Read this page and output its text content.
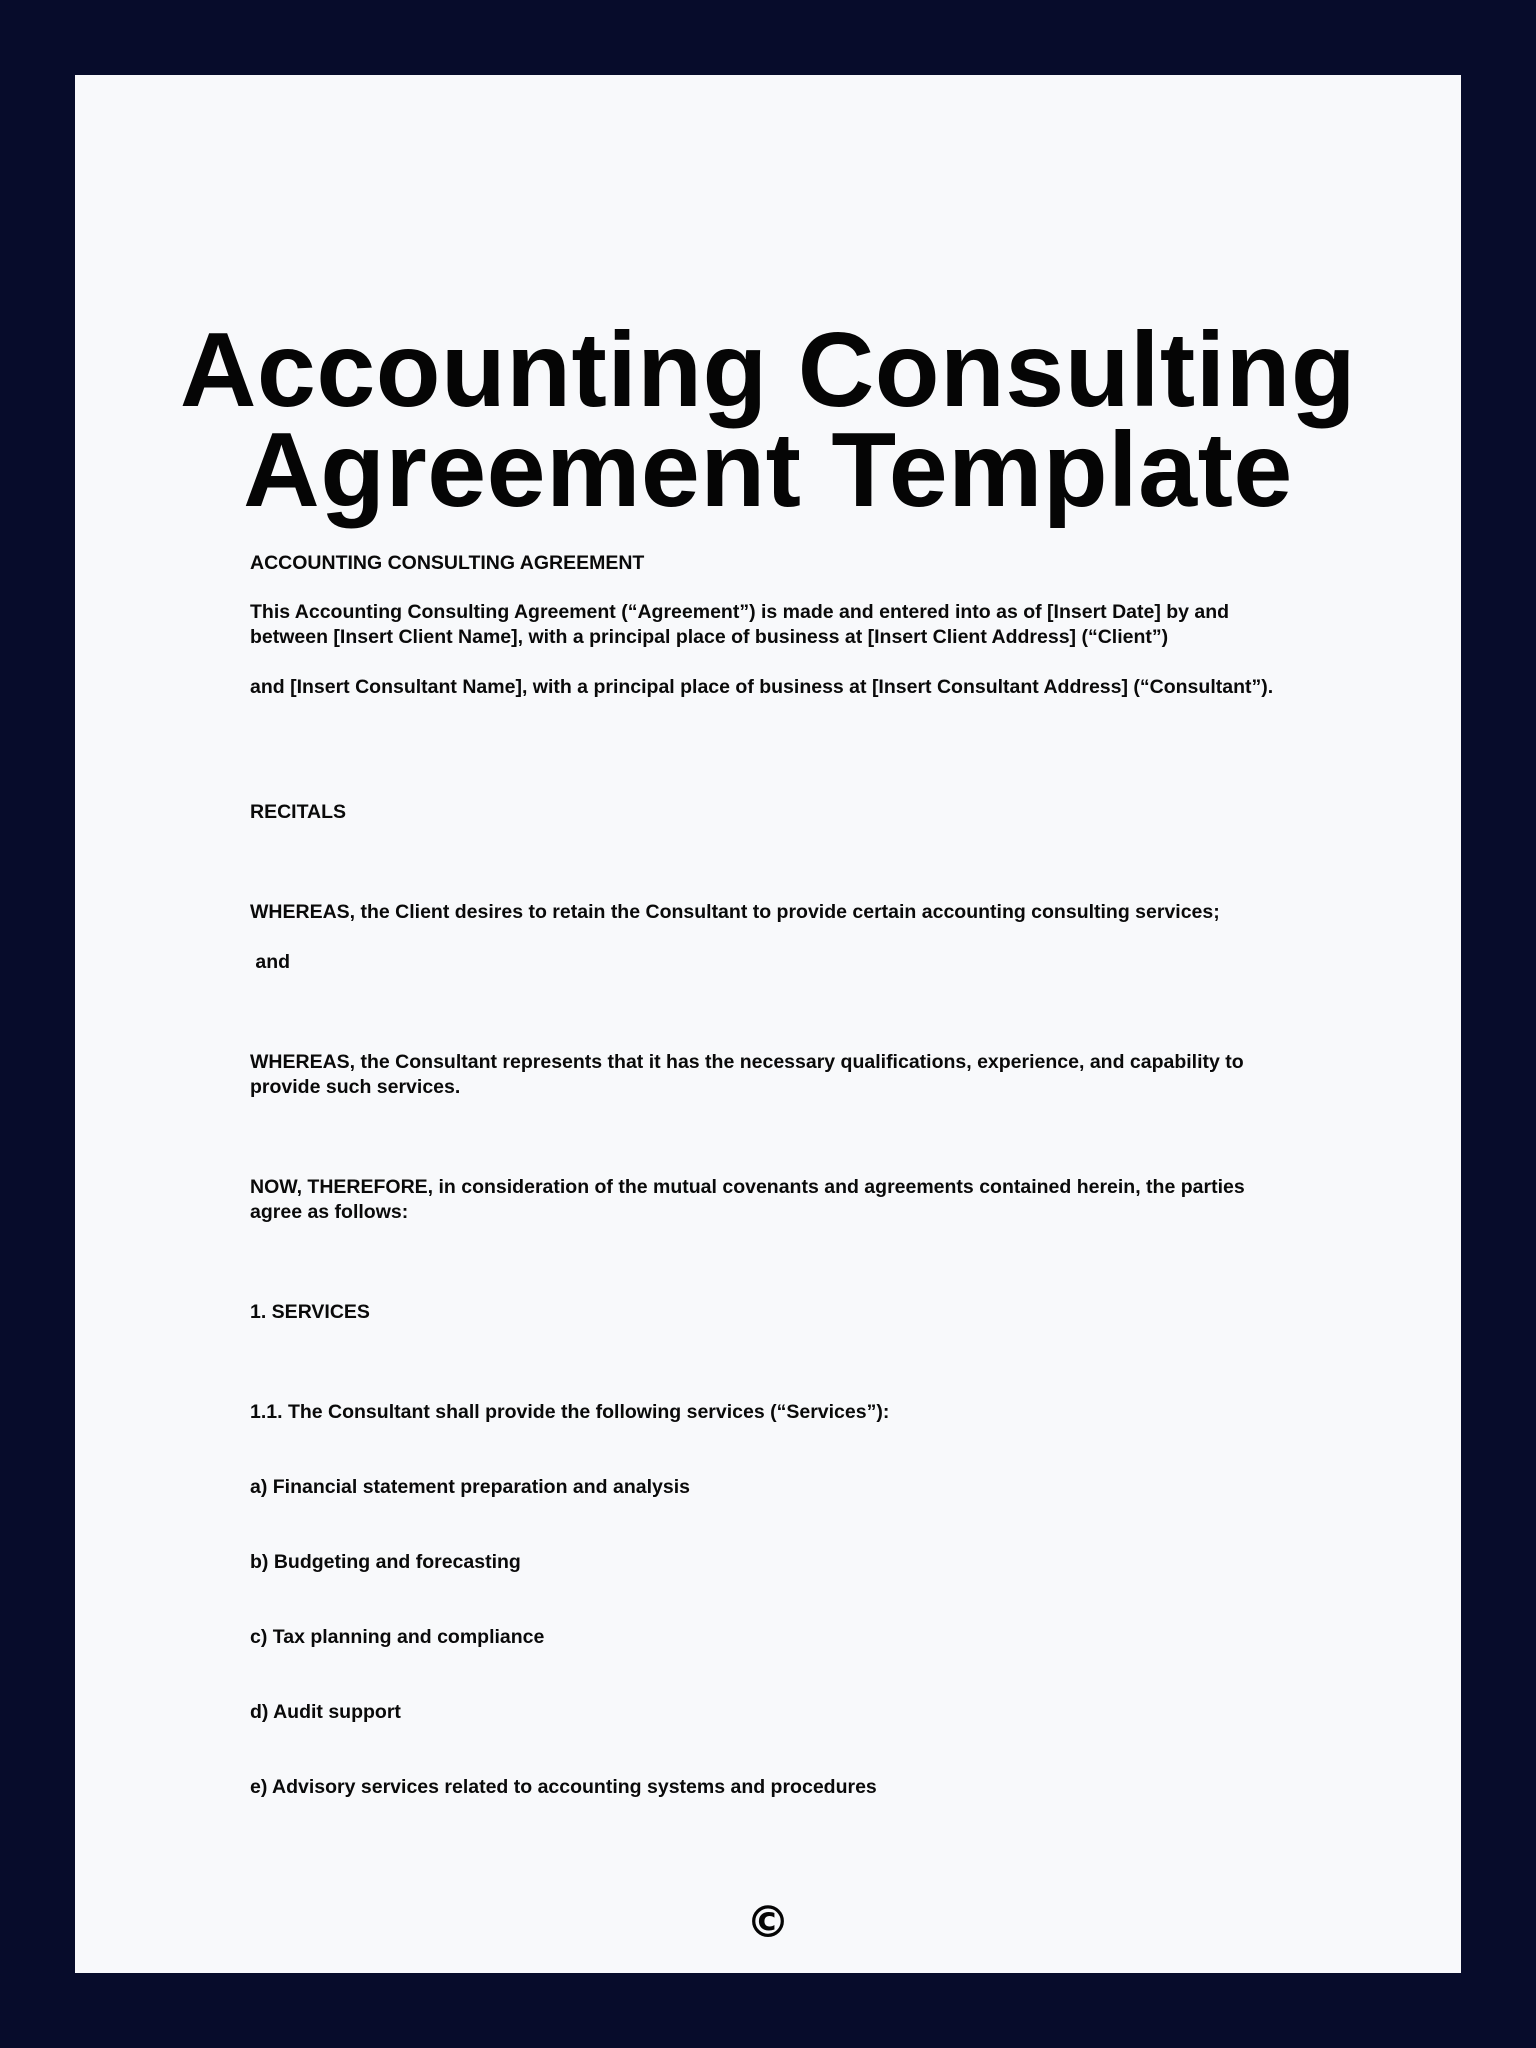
Accounting Consulting
Agreement Template

ACCOUNTING CONSULTING AGREEMENT

This Accounting Consulting Agreement (“Agreement”) is made and entered into as of [Insert Date] by and between [Insert Client Name], with a principal place of business at [Insert Client Address] (“Client”)

and [Insert Consultant Name], with a principal place of business at [Insert Consultant Address] (“Consultant”).

RECITALS

WHEREAS, the Client desires to retain the Consultant to provide certain accounting consulting services;

and

WHEREAS, the Consultant represents that it has the necessary qualifications, experience, and capability to provide such services.

NOW, THEREFORE, in consideration of the mutual covenants and agreements contained herein, the parties agree as follows:

1. SERVICES

1.1. The Consultant shall provide the following services (“Services”):

a) Financial statement preparation and analysis

b) Budgeting and forecasting

c) Tax planning and compliance

d) Audit support

e) Advisory services related to accounting systems and procedures

©
